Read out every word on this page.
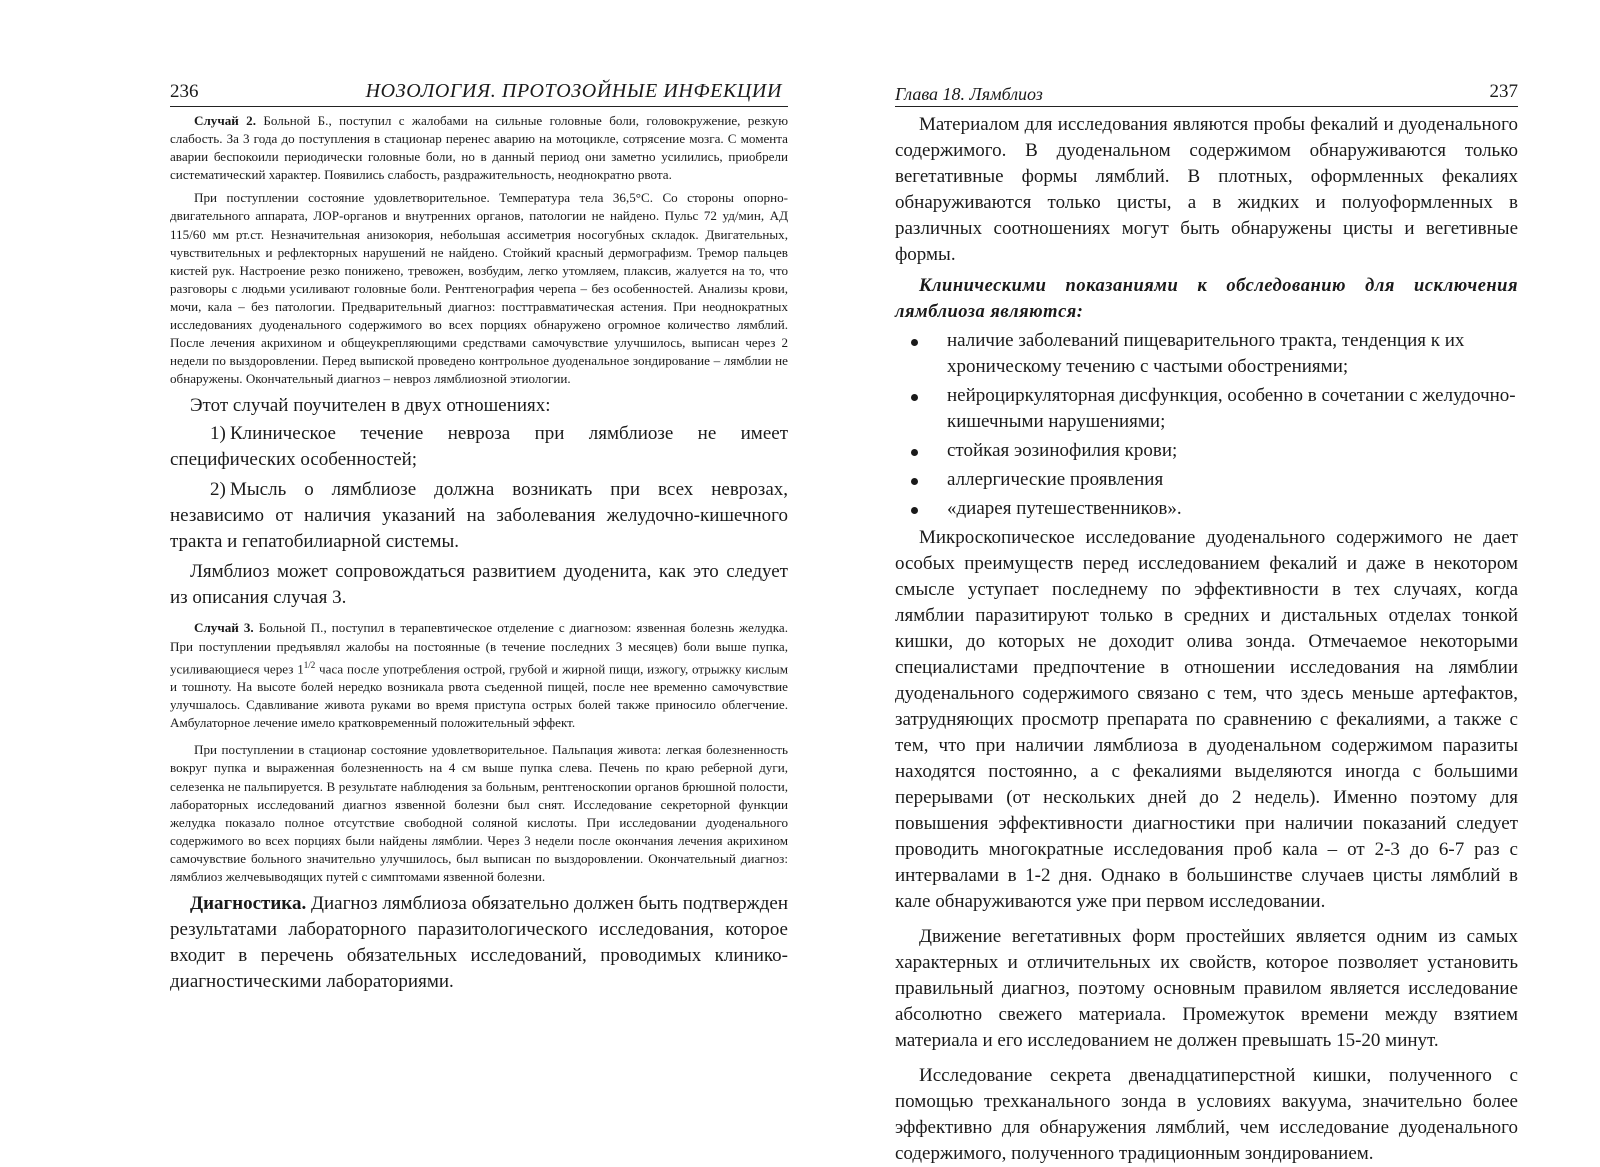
236	НОЗОЛОГИЯ. ПРОТОЗОЙНЫЕ ИНФЕКЦИИ

Случай 2. Больной Б., поступил с жалобами на сильные головные боли, головокружение, резкую слабость. За 3 года до поступления в стационар перенес аварию на мотоцикле, сотрясение мозга. С момента аварии беспокоили периодически головные боли, но в данный период они заметно усилились, приобрели систематический характер. Появились слабость, раздражительность, неоднократно рвота.

При поступлении состояние удовлетворительное. Температура тела 36,5°С. Со стороны опорно-двигательного аппарата, ЛОР-органов и внутренних органов, патологии не найдено. Пульс 72 уд/мин, АД 115/60 мм рт.ст. Незначительная анизокория, небольшая ассиметрия носогубных складок. Двигательных, чувствительных и рефлекторных нарушений не найдено. Стойкий красный дермографизм. Тремор пальцев кистей рук. Настроение резко понижено, тревожен, возбудим, легко утомляем, плаксив, жалуется на то, что разговоры с людьми усиливают головные боли. Рентгенография черепа – без особенностей. Анализы крови, мочи, кала – без патологии. Предварительный диагноз: посттравматическая астения. При неоднократных исследованиях дуоденального содержимого во всех порциях обнаружено огромное количество лямблий. После лечения акрихином и общеукрепляющими средствами самочувствие улучшилось, выписан через 2 недели по выздоровлении. Перед выпиской проведено контрольное дуоденальное зондирование – лямблии не обнаружены. Окончательный диагноз – невроз лямблиозной этиологии.

Этот случай поучителен в двух отношениях:

1) Клиническое течение невроза при лямблиозе не имеет специфических особенностей;

2) Мысль о лямблиозе должна возникать при всех неврозах, независимо от наличия указаний на заболевания желудочно-кишечного тракта и гепатобилиарной системы.

Лямблиоз может сопровождаться развитием дуоденита, как это следует из описания случая 3.

Случай 3. Больной П., поступил в терапевтическое отделение с диагнозом: язвенная болезнь желудка. При поступлении предъявлял жалобы на постоянные (в течение последних 3 месяцев) боли выше пупка, усиливающиеся через $1^{1/2}$ часа после употребления острой, грубой и жирной пищи, изжогу, отрыжку кислым и тошноту. На высоте болей нередко возникала рвота съеденной пищей, после нее временно самочувствие улучшалось. Сдавливание живота руками во время приступа острых болей также приносило облегчение. Амбулаторное лечение имело кратковременный положительный эффект.

При поступлении в стационар состояние удовлетворительное. Пальпация живота: легкая болезненность вокруг пупка и выраженная болезненность на 4 см выше пупка слева. Печень по краю реберной дуги, селезенка не пальпируется. В результате наблюдения за больным, рентгеноскопии органов брюшной полости, лабораторных исследований диагноз язвенной болезни был снят. Исследование секреторной функции желудка показало полное отсутствие свободной соляной кислоты. При исследовании дуоденального содержимого во всех порциях были найдены лямблии. Через 3 недели после окончания лечения акрихином самочувствие больного значительно улучшилось, был выписан по выздоровлении. Окончательный диагноз: лямблиоз желчевыводящих путей с симптомами язвенной болезни.

Диагностика. Диагноз лямблиоза обязательно должен быть подтвержден результатами лабораторного паразитологического исследования, которое входит в перечень обязательных исследований, проводимых клинико-диагностическими лабораториями.

Глава 18. Лямблиоз	237

Материалом для исследования являются пробы фекалий и дуоденального содержимого. В дуоденальном содержимом обнаруживаются только вегетативные формы лямблий. В плотных, оформленных фекалиях обнаруживаются только цисты, а в жидких и полуоформленных в различных соотношениях могут быть обнаружены цисты и вегетивные формы.

Клиническими показаниями к обследованию для исключения лямблиоза являются:

наличие заболеваний пищеварительного тракта, тенденция к их хроническому течению с частыми обострениями;
нейроциркуляторная дисфункция, особенно в сочетании с желудочно-кишечными нарушениями;
стойкая эозинофилия крови;
аллергические проявления
«диарея путешественников».

Микроскопическое исследование дуоденального содержимого не дает особых преимуществ перед исследованием фекалий и даже в некотором смысле уступает последнему по эффективности в тех случаях, когда лямблии паразитируют только в средних и дистальных отделах тонкой кишки, до которых не доходит олива зонда. Отмечаемое некоторыми специалистами предпочтение в отношении исследования на лямблии дуоденального содержимого связано с тем, что здесь меньше артефактов, затрудняющих просмотр препарата по сравнению с фекалиями, а также с тем, что при наличии лямблиоза в дуоденальном содержимом паразиты находятся постоянно, а с фекалиями выделяются иногда с большими перерывами (от нескольких дней до 2 недель). Именно поэтому для повышения эффективности диагностики при наличии показаний следует проводить многократные исследования проб кала – от 2-3 до 6-7 раз с интервалами в 1-2 дня. Однако в большинстве случаев цисты лямблий в кале обнаруживаются уже при первом исследовании.

Движение вегетативных форм простейших является одним из самых характерных и отличительных их свойств, которое позволяет установить правильный диагноз, поэтому основным правилом является исследование абсолютно свежего материала. Промежуток времени между взятием материала и его исследованием не должен превышать 15-20 минут.

Исследование секрета двенадцатиперстной кишки, полученного с помощью трехканального зонда в условиях вакуума, значительно более эффективно для обнаружения лямблий, чем исследование дуоденального содержимого, полученного традиционным зондированием.
